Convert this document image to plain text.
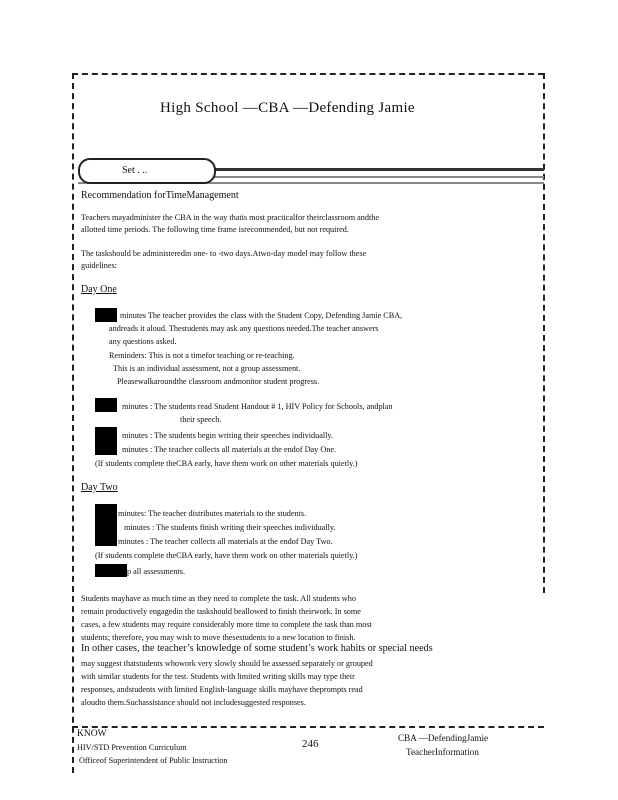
High School —CBA —Defending Jamie
Set . ..
Recommendation forTimeManagement
Teachers mayadminister the CBA in the way thatis most practicalfor theirclassroom andthe
allotted time periods. The following time frame isrecommended, but not required.
The taskshould be administeredin one- to -two days.Atwo-day model may follow these
guidelines:
Day One
minutes The teacher provides the class with the Student Copy, Defending Jamie CBA,
andreads it aloud. Thestudents may ask any questions needed.The teacher answers
any questions asked.
Reminders: This is not a timefor teaching or re-teaching.
This is an individual assessment, not a group assessment.
Pleasewalkaroundthe classroom andmonitor student progress.
minutes : The students read Student Handout # 1, HIV Policy for Schools, andplan
their speech.
minutes : The students begin writing their speeches individually.
minutes : The teacher collects all materials at the endof Day One.
(If students complete theCBA early, have them work on other materials quietly.)
Day Two
minutes: The teacher distributes materials to the students.
minutes : The students finish writing their speeches individually.
minutes : The teacher collects all materials at the endof Day Two.
(If students complete theCBA early, have them work on other materials quietly.)
p all assessments.
Students mayhave as much time as they need to complete the task. All students who
remain productively engagedin the taskshould beallowed to finish theirwork. In some
cases, a few students may require considerably more time to complete the task than most
students; therefore, you may wish to move thesestudents to a new location to finish.
In other cases, the teacher’s knowledge of some student’s work habits or special needs
may suggest thatstudents whowork very slowly should be assessed separately or grouped
with similar students for the test. Students with limited writing skills may type their
responses, andstudents with limited English-language skills mayhave theprompts read
aloudto them.Suchassistance should not includesuggested responses.
KNOW
HIV/STD Prevention Curriculum
Officeof Superintendent of Public Instruction
246	CBA —DefendingJamie
TeacherInformation
